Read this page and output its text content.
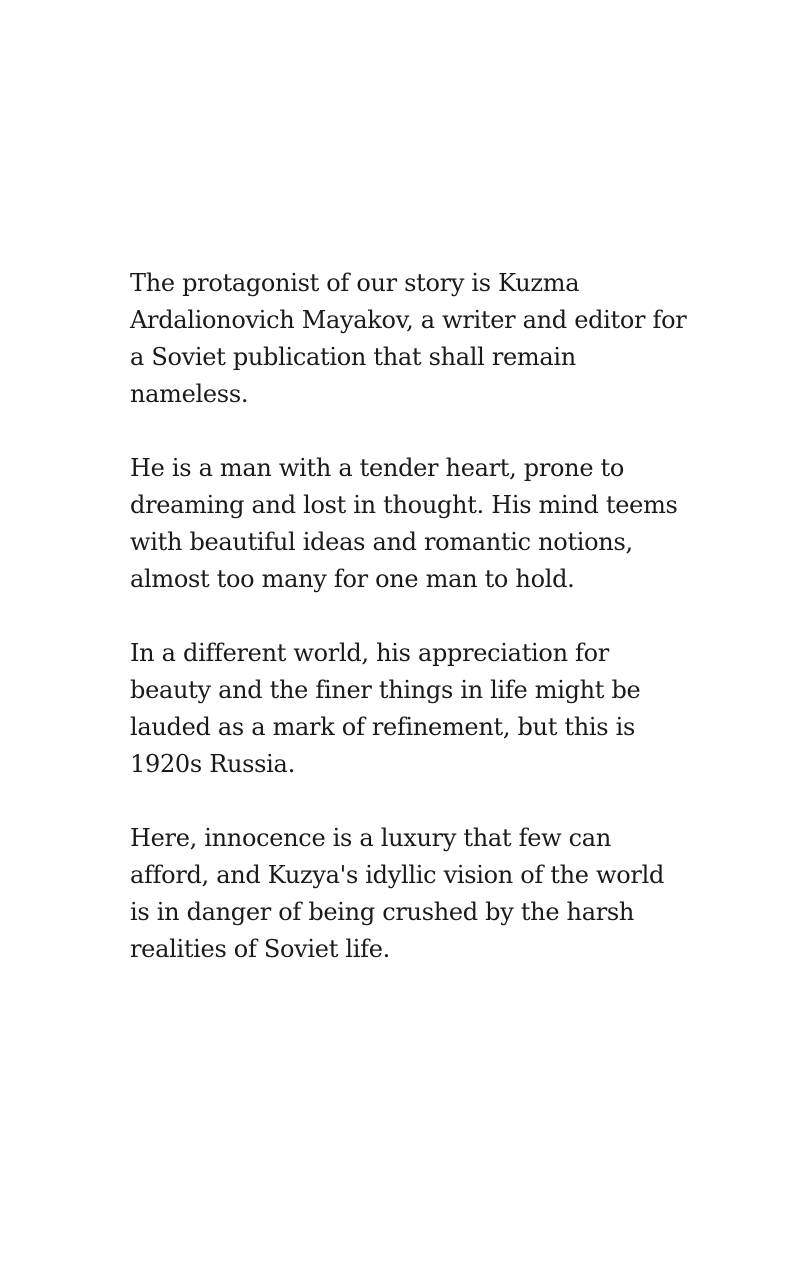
The protagonist of our story is Kuzma Ardalionovich Mayakov, a writer and editor for a Soviet publication that shall remain nameless.

He is a man with a tender heart, prone to dreaming and lost in thought. His mind teems with beautiful ideas and romantic notions, almost too many for one man to hold.

In a different world, his appreciation for beauty and the finer things in life might be lauded as a mark of refinement, but this is 1920s Russia.

Here, innocence is a luxury that few can afford, and Kuzya's idyllic vision of the world is in danger of being crushed by the harsh realities of Soviet life.
